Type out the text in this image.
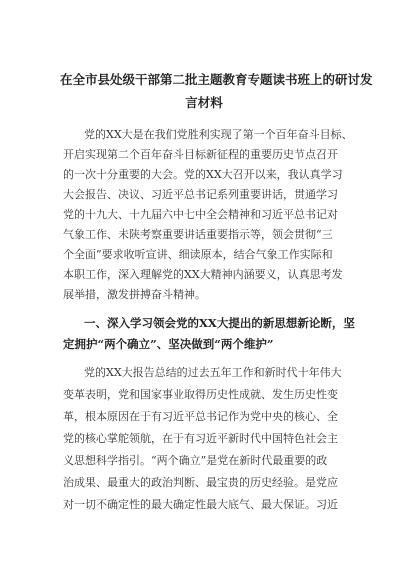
在全市县处级干部第二批主题教育专题读书班上的研讨发
言材料
党的XX大是在我们党胜利实现了第一个百年奋斗目标、
开启实现第二个百年奋斗目标新征程的重要历史节点召开
的一次十分重要的大会。党的XX大召开以来，我认真学习
大会报告、决议、习近平总书记系列重要讲话，贯通学习
党的十九大、十九届六中七中全会精神和习近平总书记对
气象工作、未陕考察重要讲话重要指示等，领会贯彻“三
个全面”要求收听宣讲、细读原本，结合气象工作实际和
本职工作，深入理解党的XX大精神内涵要义，认真思考发
展举措，激发拼搏奋斗精神。
一、深入学习领会党的XX大提出的新思想新论断，坚
定拥护“两个确立”、坚决做到“两个维护”
党的XX大报告总结的过去五年工作和新时代十年伟大
变革表明，党和国家事业取得历史性成就、发生历史性变
革，根本原因在于有习近平总书记作为党中央的核心、全
党的核心掌舵领航，在于有习近平新时代中国特色社会主
义思想科学指引。“两个确立”是党在新时代最重要的政
治成果、最重大的政治判断、最宝贵的历史经验。是党应
对一切不确定性的最大确定性最大底气、最大保证。习近
